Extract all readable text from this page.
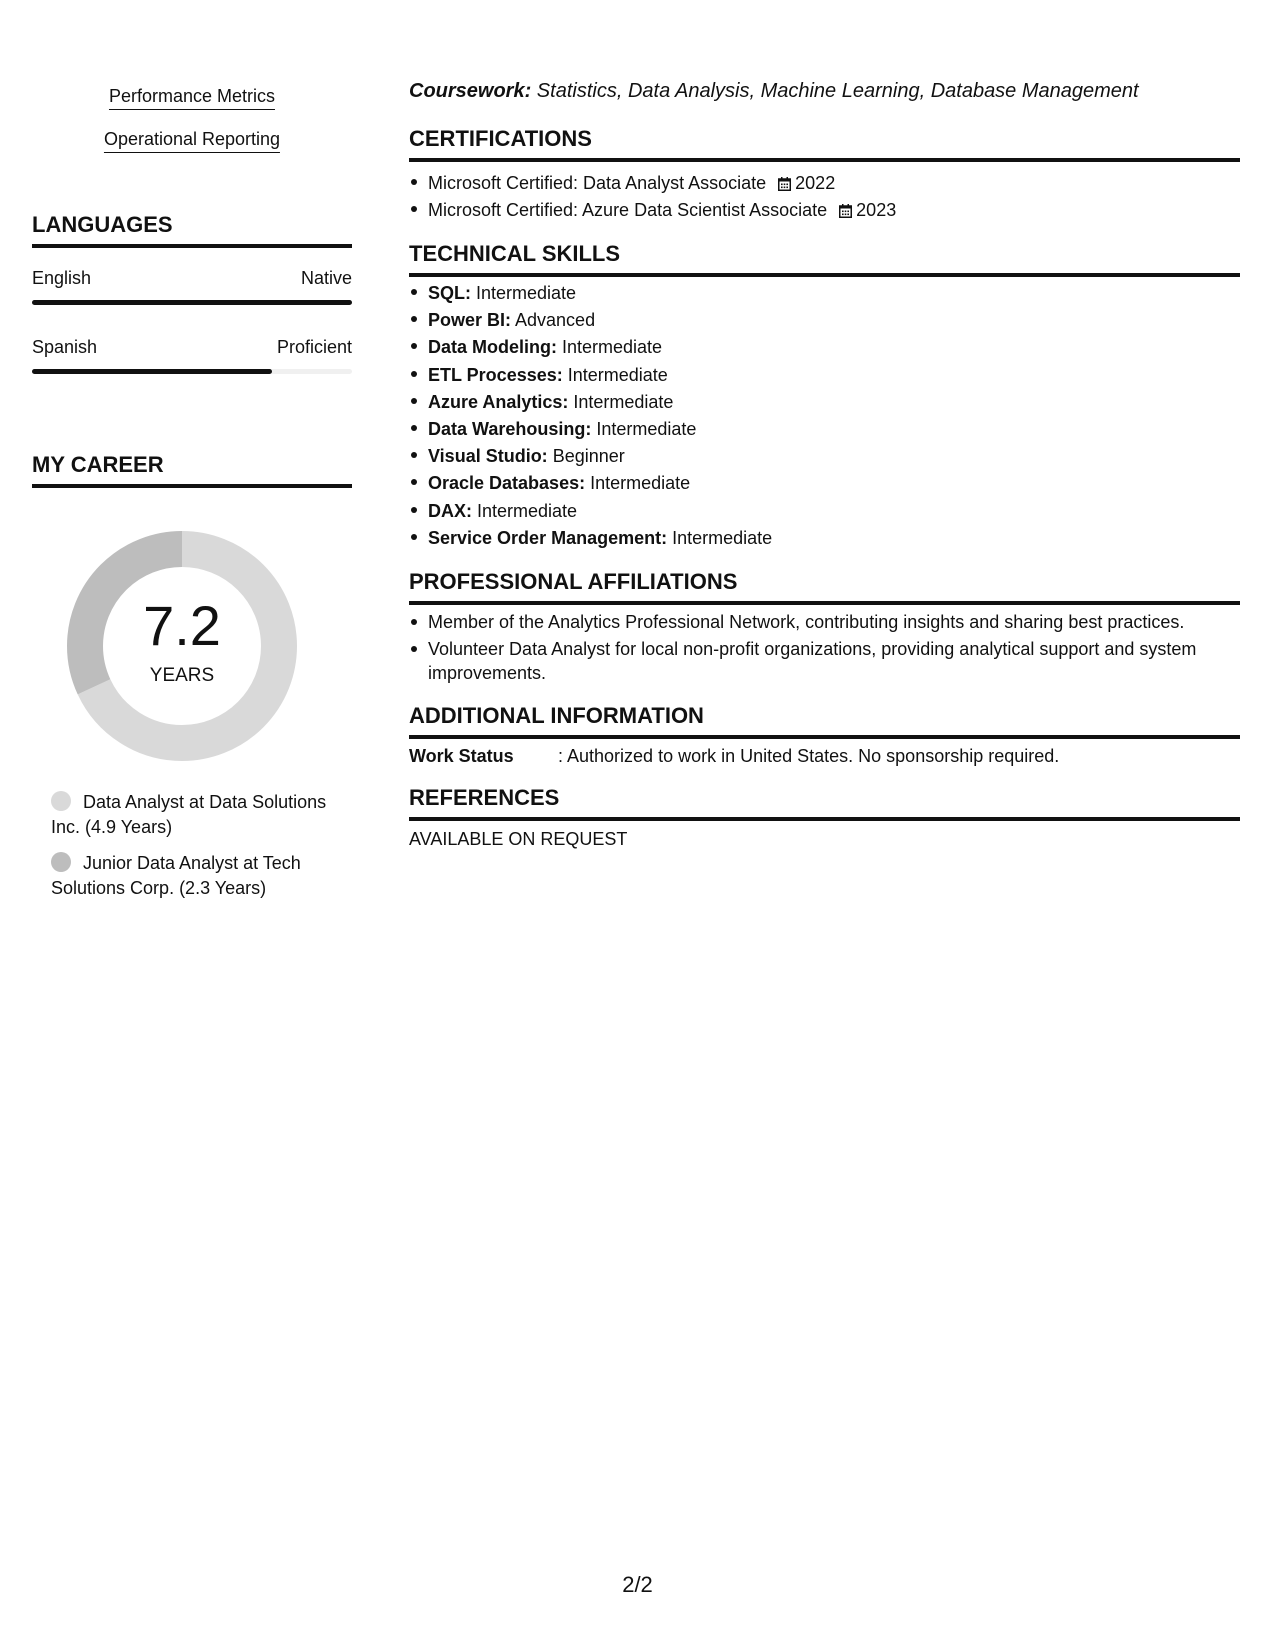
Performance Metrics
Operational Reporting
LANGUAGES
English	Native
Spanish	Proficient
MY CAREER
7.2
YEARS
Data Analyst at Data Solutions Inc. (4.9 Years)
Junior Data Analyst at Tech Solutions Corp. (2.3 Years)
Coursework: Statistics, Data Analysis, Machine Learning, Database Management
CERTIFICATIONS
Microsoft Certified: Data Analyst Associate 2022
Microsoft Certified: Azure Data Scientist Associate 2023
TECHNICAL SKILLS
SQL: Intermediate
Power BI: Advanced
Data Modeling: Intermediate
ETL Processes: Intermediate
Azure Analytics: Intermediate
Data Warehousing: Intermediate
Visual Studio: Beginner
Oracle Databases: Intermediate
DAX: Intermediate
Service Order Management: Intermediate
PROFESSIONAL AFFILIATIONS
Member of the Analytics Professional Network, contributing insights and sharing best practices.
Volunteer Data Analyst for local non-profit organizations, providing analytical support and system improvements.
ADDITIONAL INFORMATION
Work Status : Authorized to work in United States. No sponsorship required.
REFERENCES
AVAILABLE ON REQUEST
2/2
